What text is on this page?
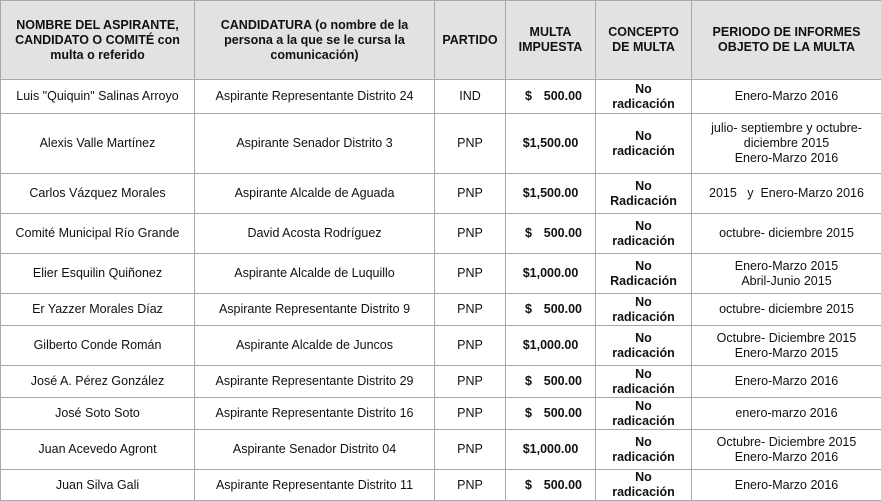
NOMBRE DEL ASPIRANTE, CANDIDATO O COMITÉ con multa o referido	CANDIDATURA (o nombre de la persona a la que se le cursa la comunicación)	PARTIDO	MULTA IMPUESTA	CONCEPTO DE MULTA	PERIODO DE INFORMES OBJETO DE LA MULTA
Luis "Quiquin" Salinas Arroyo	Aspirante Representante Distrito 24	IND	$ 500.00	No
radicación	Enero-Marzo 2016

Alexis Valle Martínez	Aspirante Senador Distrito 3	PNP	$1,500.00	No
radicación	julio- septiembre y octubre-
diciembre 2015
Enero-Marzo 2016

Carlos Vázquez Morales	Aspirante Alcalde de Aguada	PNP	$1,500.00	No
Radicación	2015   y  Enero-Marzo 2016

Comité Municipal Río Grande	David Acosta Rodríguez	PNP	$ 500.00	No
radicación	octubre- diciembre 2015

Elier Esquilin Quiñonez	Aspirante Alcalde de Luquillo	PNP	$1,000.00	No
Radicación	Enero-Marzo 2015
Abril-Junio 2015

Er Yazzer Morales Díaz	Aspirante Representante Distrito 9	PNP	$ 500.00	No
radicación	octubre- diciembre 2015

Gilberto Conde Román	Aspirante Alcalde de Juncos	PNP	$1,000.00	No
radicación	Octubre- Diciembre 2015
Enero-Marzo 2015

José A. Pérez González	Aspirante Representante Distrito 29	PNP	$ 500.00	No
radicación	Enero-Marzo 2016

José Soto Soto	Aspirante Representante Distrito 16	PNP	$ 500.00	No
radicación	enero-marzo 2016

Juan Acevedo Agront	Aspirante Senador Distrito 04	PNP	$1,000.00	No
radicación	Octubre- Diciembre 2015
Enero-Marzo 2016

Juan Silva Gali	Aspirante Representante Distrito 11	PNP	$ 500.00	No
radicación	Enero-Marzo 2016
